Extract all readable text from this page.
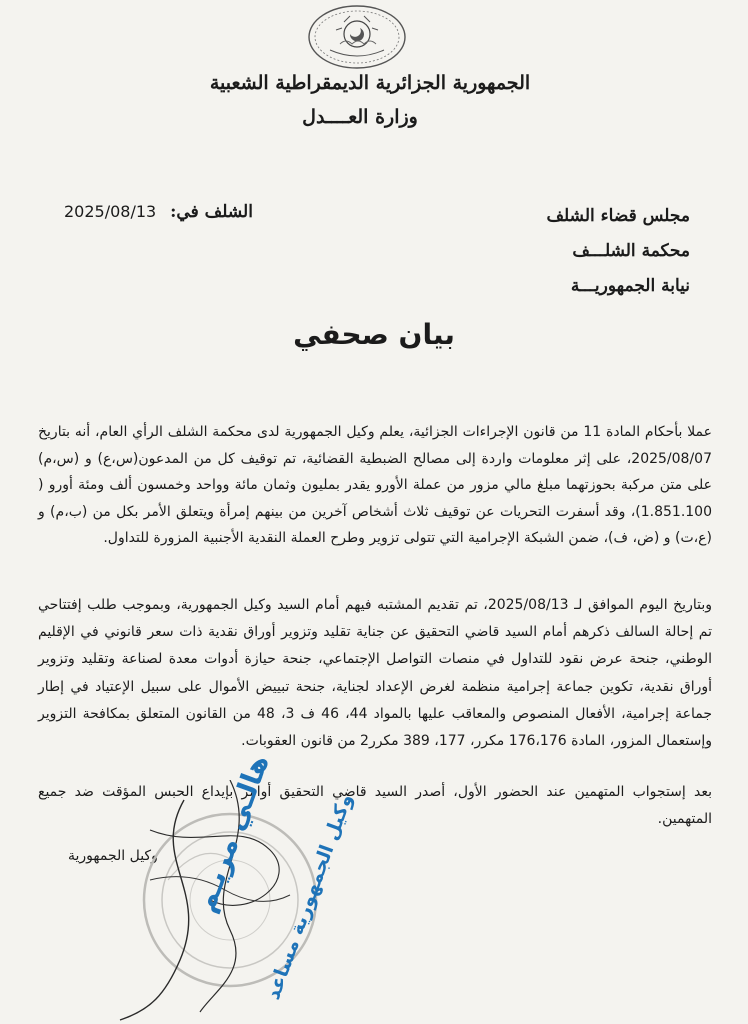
الجمهورية الجزائرية الديمقراطية الشعبية
وزارة العــــدل
الشلف في: 2025/08/13	مجلس قضاء الشلف
محكمة الشلـــف
نيابة الجمهوريـــة
بيان صحفي

عملا بأحكام المادة 11 من قانون الإجراءات الجزائية، يعلم وكيل الجمهورية لدى محكمة الشلف الرأي العام، أنه بتاريخ 2025/08/07، على إثر معلومات واردة إلى مصالح الضبطية القضائية، تم توقيف كل من المدعون(س،ع) و (س،م) على متن مركبة بحوزتهما مبلغ مالي مزور من عملة الأورو يقدر بمليون وثمان مائة وواحد وخمسون ألف ومئة أورو ( 1.851.100)، وقد أسفرت التحريات عن توقيف ثلاث أشخاص آخرين من بينهم إمرأة ويتعلق الأمر بكل من (ب،م) و (ع،ت) و (ض، ف)، ضمن الشبكة الإجرامية التي تتولى تزوير وطرح العملة النقدية الأجنبية المزورة للتداول.

وبتاريخ اليوم الموافق لـ 2025/08/13، تم تقديم المشتبه فيهم أمام السيد وكيل الجمهورية، وبموجب طلب إفتتاحي تم إحالة السالف ذكرهم أمام السيد قاضي التحقيق عن جناية تقليد وتزوير أوراق نقدية ذات سعر قانوني في الإقليم الوطني، جنحة عرض نقود للتداول في منصات التواصل الإجتماعي، جنحة حيازة أدوات معدة لصناعة وتقليد وتزوير أوراق نقدية، تكوين جماعة إجرامية منظمة لغرض الإعداد لجناية، جنحة تبييض الأموال على سبيل الإعتياد في إطار جماعة إجرامية، الأفعال المنصوص والمعاقب عليها بالمواد 44، 46 ف 3، 48 من القانون المتعلق بمكافحة التزوير وإستعمال المزور، المادة 176،176 مكرر، 177، 389 مكرر2 من قانون العقوبات.

بعد إستجواب المتهمين عند الحضور الأول، أصدر السيد قاضي التحقيق أوامر بإيداع الحبس المؤقت ضد جميع المتهمين.

وكيل الجمهورية هالـي مريـم
وكيل الجمهورية مساعد
